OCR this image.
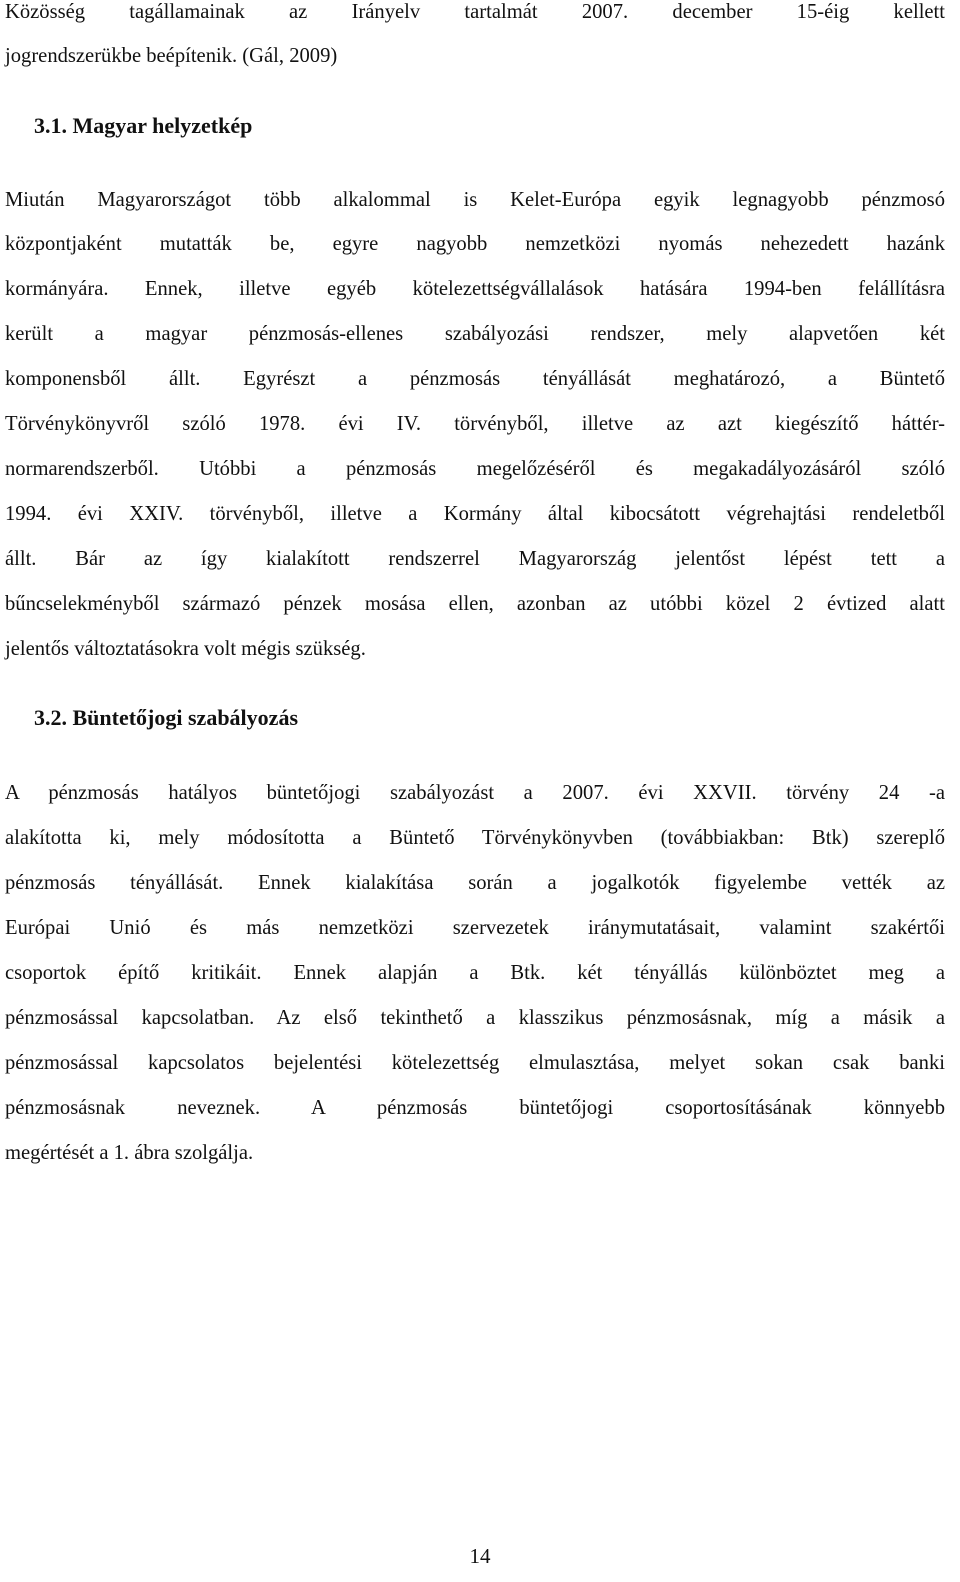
Közösség tagállamainak az Irányelv tartalmát 2007. december 15-éig kellett
jogrendszerükbe beépítenik. (Gál, 2009)
3.1. Magyar helyzetkép
Miután Magyarországot több alkalommal is Kelet-Európa egyik legnagyobb pénzmosó
központjaként mutatták be, egyre nagyobb nemzetközi nyomás nehezedett hazánk
kormányára. Ennek, illetve egyéb kötelezettségvállalások hatására 1994-ben felállításra
került a magyar pénzmosás-ellenes szabályozási rendszer, mely alapvetően két
komponensből állt. Egyrészt a pénzmosás tényállását meghatározó, a Büntető
Törvénykönyvről szóló 1978. évi IV. törvényből, illetve az azt kiegészítő háttér-
normarendszerből. Utóbbi a pénzmosás megelőzéséről és megakadályozásáról szóló
1994. évi XXIV. törvényből, illetve a Kormány által kibocsátott végrehajtási rendeletből
állt. Bár az így kialakított rendszerrel Magyarország jelentőst lépést tett a
bűncselekményből származó pénzek mosása ellen, azonban az utóbbi közel 2 évtized alatt
jelentős változtatásokra volt mégis szükség.
3.2. Büntetőjogi szabályozás
A pénzmosás hatályos büntetőjogi szabályozást a 2007. évi XXVII. törvény 24 -a
alakította ki, mely módosította a Büntető Törvénykönyvben (továbbiakban: Btk) szereplő
pénzmosás tényállását. Ennek kialakítása során a jogalkotók figyelembe vették az
Európai Unió és más nemzetközi szervezetek iránymutatásait, valamint szakértői
csoportok építő kritikáit. Ennek alapján a Btk. két tényállás különböztet meg a
pénzmosással kapcsolatban. Az első tekinthető a klasszikus pénzmosásnak, míg a másik a
pénzmosással kapcsolatos bejelentési kötelezettség elmulasztása, melyet sokan csak banki
pénzmosásnak neveznek. A pénzmosás büntetőjogi csoportosításának könnyebb
megértését a 1. ábra szolgálja.
14
